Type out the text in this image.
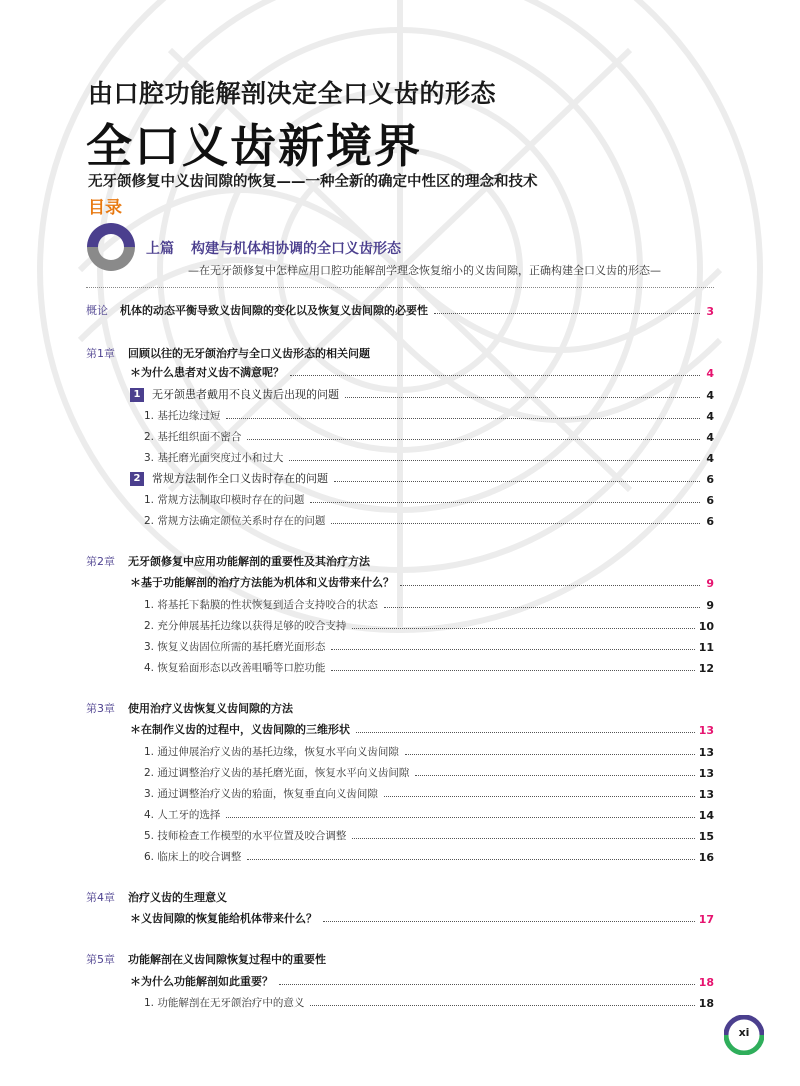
由口腔功能解剖决定全口义齿的形态
全口义齿新境界
无牙颌修复中义齿间隙的恢复——一种全新的确定中性区的理念和技术
目录
上篇 构建与机体相协调的全口义齿形态
—在无牙颌修复中怎样应用口腔功能解剖学理念恢复缩小的义齿间隙，正确构建全口义齿的形态—
概论 机体的动态平衡导致义齿间隙的变化以及恢复义齿间隙的必要性	3
第1章 回顾以往的无牙颌治疗与全口义齿形态的相关问题
＊为什么患者对义齿不满意呢？	4
1	无牙颌患者戴用不良义齿后出现的问题	4
1. 基托边缘过短	4
2. 基托组织面不密合	4
3. 基托磨光面突度过小和过大	4
2	常规方法制作全口义齿时存在的问题	6
1. 常规方法制取印模时存在的问题	6
2. 常规方法确定颌位关系时存在的问题	6
第2章 无牙颌修复中应用功能解剖的重要性及其治疗方法
＊基于功能解剖的治疗方法能为机体和义齿带来什么？	9
1. 将基托下黏膜的性状恢复到适合支持咬合的状态	9
2. 充分伸展基托边缘以获得足够的咬合支持	10
3. 恢复义齿固位所需的基托磨光面形态	11
4. 恢复𬌗面形态以改善咀嚼等口腔功能	12
第3章 使用治疗义齿恢复义齿间隙的方法
＊在制作义齿的过程中，义齿间隙的三维形状	13
1. 通过伸展治疗义齿的基托边缘，恢复水平向义齿间隙	13
2. 通过调整治疗义齿的基托磨光面，恢复水平向义齿间隙	13
3. 通过调整治疗义齿的𬌗面，恢复垂直向义齿间隙	13
4. 人工牙的选择	14
5. 技师检查工作模型的水平位置及咬合调整	15
6. 临床上的咬合调整	16
第4章 治疗义齿的生理意义
＊义齿间隙的恢复能给机体带来什么？	17
第5章 功能解剖在义齿间隙恢复过程中的重要性
＊为什么功能解剖如此重要？	18
1. 功能解剖在无牙颌治疗中的意义	18
xi
